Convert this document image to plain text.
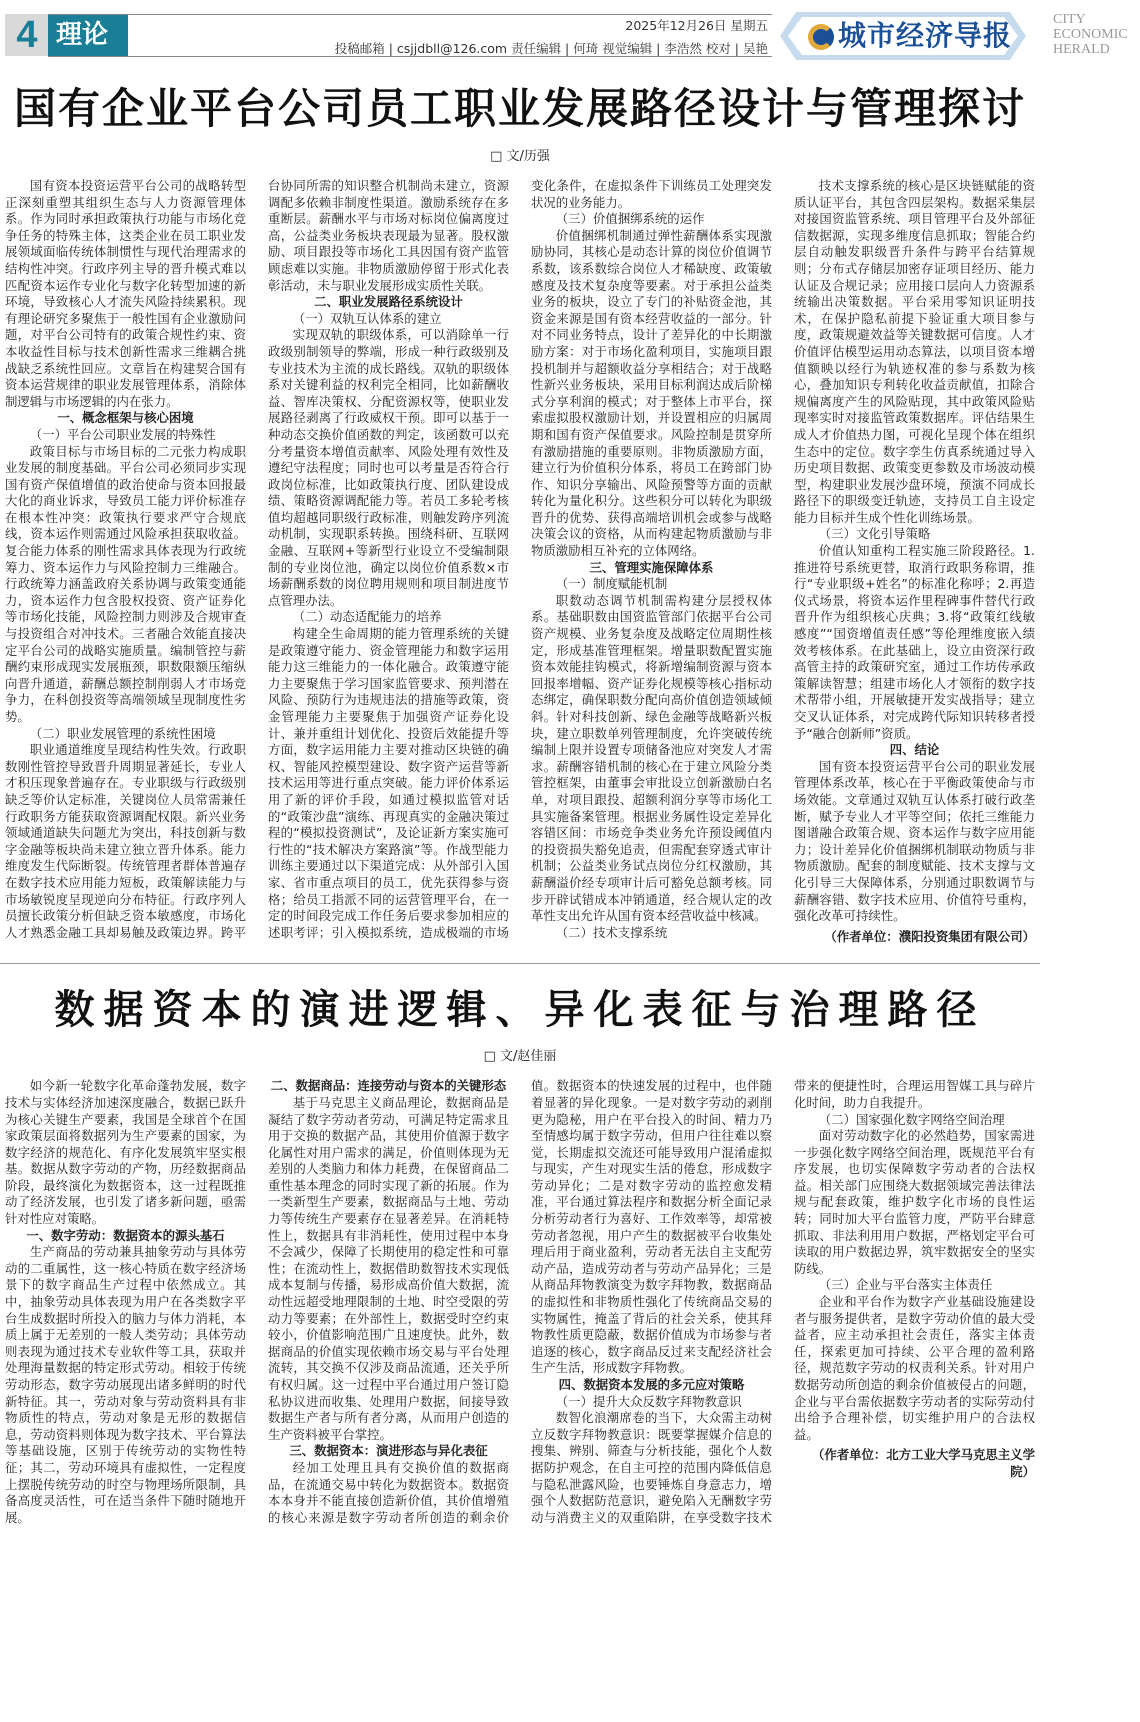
4 理论	2025年12月26日 星期五
投稿邮箱 | csjjdbll@126.com 责任编辑 | 何琦 视觉编辑 | 李浩然 校对 | 吴艳	城市经济导报	CITY
ECONOMIC
HERALD
国有企业平台公司员工职业发展路径设计与管理探讨
□ 文/历强

国有资本投资运营平台公司的战略转型正深刻重塑其组织生态与人力资源管理体系。作为同时承担政策执行功能与市场化竞争任务的特殊主体，这类企业在员工职业发展领域面临传统体制惯性与现代治理需求的结构性冲突。行政序列主导的晋升模式难以匹配资本运作专业化与数字化转型加速的新环境，导致核心人才流失风险持续累积。现有理论研究多聚焦于一般性国有企业激励问题，对平台公司特有的政策合规性约束、资本收益性目标与技术创新性需求三维耦合挑战缺乏系统性回应。文章旨在构建契合国有资本运营规律的职业发展管理体系，消除体制逻辑与市场逻辑的内在张力。

一、概念框架与核心困境

（一）平台公司职业发展的特殊性

政策目标与市场目标的二元张力构成职业发展的制度基础。平台公司必须同步实现国有资产保值增值的政治使命与资本回报最大化的商业诉求，导致员工能力评价标准存在根本性冲突：政策执行要求严守合规底线，资本运作则需通过风险承担获取收益。复合能力体系的刚性需求具体表现为行政统筹力、资本运作力与风险控制力三维融合。行政统筹力涵盖政府关系协调与政策变通能力，资本运作力包含股权投资、资产证券化等市场化技能，风险控制力则涉及合规审查与投资组合对冲技术。三者融合效能直接决定平台公司的战略实施质量。编制管控与薪酬约束形成现实发展瓶颈，职数限额压缩纵向晋升通道，薪酬总额控制削弱人才市场竞争力，在科创投资等高端领域呈现制度性劣势。

（二）职业发展管理的系统性困境

职业通道维度呈现结构性失效。行政职数刚性管控导致晋升周期显著延长，专业人才积压现象普遍存在。专业职级与行政级别缺乏等价认定标准，关键岗位人员常需兼任行政职务方能获取资源调配权限。新兴业务领域通道缺失问题尤为突出，科技创新与数字金融等板块尚未建立独立晋升体系。能力维度发生代际断裂。传统管理者群体普遍存在数字技术应用能力短板，政策解读能力与市场敏锐度呈现逆向分布特征。行政序列人员擅长政策分析但缺乏资本敏感度，市场化人才熟悉金融工具却易触及政策边界。跨平台协同所需的知识整合机制尚未建立，资源调配多依赖非制度性渠道。激励系统存在多重断层。薪酬水平与市场对标岗位偏离度过高，公益类业务板块表现最为显著。股权激励、项目跟投等市场化工具因国有资产监管顾虑难以实施。非物质激励停留于形式化表彰活动，未与职业发展形成实质性关联。

二、职业发展路径系统设计

（一）双轨互认体系的建立

实现双轨的职级体系，可以消除单一行政级别制领导的弊端，形成一种行政级别及专业技术为主流的成长路线。双轨的职级体系对关键利益的权利完全相同，比如薪酬收益、智库决策权、分配资源权等，使职业发展路径剥离了行政威权干预。即可以基于一种动态交换价值函数的判定，该函数可以充分考量资本增值贡献率、风险处理有效性及遵纪守法程度；同时也可以考量是否符合行政岗位标准，比如政策执行度、团队建设成绩、策略资源调配能力等。若员工多轮考核值均超越同职级行政标准，则触发跨序列流动机制，实现职系转换。围绕科研、互联网金融、互联网+等新型行业设立不受编制限制的专业岗位池，确定以岗位价值系数×市场薪酬系数的岗位聘用规则和项目制进度节点管理办法。

（二）动态适配能力的培养

构建全生命周期的能力管理系统的关键是政策遵守能力、资金管理能力和数字运用能力这三维能力的一体化融合。政策遵守能力主要聚焦于学习国家监管要求、预判潜在风险、预防行为违规违法的措施等政策，资金管理能力主要聚焦于加强资产证券化设计、兼并重组计划优化、投资后效能提升等方面，数字运用能力主要对推动区块链的确权、智能风控模型建设、数字资产运营等新技术运用等进行重点突破。能力评价体系运用了新的评价手段，如通过模拟监管对话的“政策沙盘”演练、再现真实的金融决策过程的“模拟投资测试”，及论证新方案实施可行性的“技术解决方案路演”等。作战型能力训练主要通过以下渠道完成：从外部引入国家、省市重点项目的员工，优先获得参与资格；给员工指派不同的运营管理平台，在一定的时间段完成工作任务后要求参加相应的述职考评；引入模拟系统，造成极端的市场变化条件，在虚拟条件下训练员工处理突发状况的业务能力。

（三）价值捆绑系统的运作

价值捆绑机制通过弹性薪酬体系实现激励协同，其核心是动态计算的岗位价值调节系数，该系数综合岗位人才稀缺度、政策敏感度及技术复杂度等要素。对于承担公益类业务的板块，设立了专门的补贴资金池，其资金来源是国有资本经营收益的一部分。针对不同业务特点，设计了差异化的中长期激励方案：对于市场化盈利项目，实施项目跟投机制并与超额收益分享相结合；对于战略性新兴业务板块，采用目标利润达成后阶梯式分享利润的模式；对于整体上市平台，探索虚拟股权激励计划，并设置相应的归属周期和国有资产保值要求。风险控制是贯穿所有激励措施的重要原则。非物质激励方面，建立行为价值积分体系，将员工在跨部门协作、知识分享输出、风险预警等方面的贡献转化为量化积分。这些积分可以转化为职级晋升的优势、获得高端培训机会或参与战略决策会议的资格，从而构建起物质激励与非物质激励相互补充的立体网络。

三、管理实施保障体系

（一）制度赋能机制

职数动态调节机制需构建分层授权体系。基础职数由国资监管部门依据平台公司资产规模、业务复杂度及战略定位周期性核定，形成基准管理框架。增量职数配置实施资本效能挂钩模式，将新增编制资源与资本回报率增幅、资产证券化规模等核心指标动态绑定，确保职数分配向高价值创造领域倾斜。针对科技创新、绿色金融等战略新兴板块，建立职数单列管理制度，允许突破传统编制上限并设置专项储备池应对突发人才需求。薪酬容错机制的核心在于建立风险分类管控框架，由董事会审批设立创新激励白名单，对项目跟投、超额利润分享等市场化工具实施备案管理。根据业务属性设定差异化容错区间：市场竞争类业务允许预设阈值内的投资损失豁免追责，但需配套穿透式审计机制；公益类业务试点岗位分红权激励，其薪酬溢价经专项审计后可豁免总额考核。同步开辟试错成本冲销通道，经合规认定的改革性支出允许从国有资本经营收益中核减。

（二）技术支撑系统

技术支撑系统的核心是区块链赋能的资质认证平台，其包含四层架构。数据采集层对接国资监管系统、项目管理平台及外部征信数据源，实现多维度信息抓取；智能合约层自动触发职级晋升条件与跨平台结算规则；分布式存储层加密存证项目经历、能力认证及合规记录；应用接口层向人力资源系统输出决策数据。平台采用零知识证明技术，在保护隐私前提下验证重大项目参与度，政策规避效益等关键数据可信度。人才价值评估模型运用动态算法，以项目资本增值额映以经行为轨迹权准的参与系数为核心，叠加知识专利转化收益贡献值，扣除合规偏离度产生的风险贴现，其中政策风险贴现率实时对接监管政策数据库。评估结果生成人才价值热力图，可视化呈现个体在组织生态中的定位。数字孪生仿真系统通过导入历史项目数据、政策变更参数及市场波动模型，构建职业发展沙盘环境，预演不同成长路径下的职级变迁轨迹，支持员工自主设定能力目标并生成个性化训练场景。

（三）文化引导策略

价值认知重构工程实施三阶段路径。1.推进符号系统更替，取消行政职务称谓，推行“专业职级+姓名”的标准化称呼；2.再造仪式场景，将资本运作里程碑事件替代行政晋升作为组织核心庆典；3.将“政策红线敏感度”“国资增值责任感”等伦理维度嵌入绩效考核体系。在此基础上，设立由资深行政高管主持的政策研究室，通过工作坊传承政策解读智慧；组建市场化人才领衔的数字技术帮带小组，开展敏捷开发实战指导；建立交叉认证体系，对完成跨代际知识转移者授予“融合创新师”资质。

四、结论

国有资本投资运营平台公司的职业发展管理体系改革，核心在于平衡政策使命与市场效能。文章通过双轨互认体系打破行政垄断，赋予专业人才平等空间；依托三维能力图谱融合政策合规、资本运作与数字应用能力；设计差异化价值捆绑机制联动物质与非物质激励。配套的制度赋能、技术支撑与文化引导三大保障体系，分别通过职数调节与薪酬容错、数字技术应用、价值符号重构，强化改革可持续性。

（作者单位：濮阳投资集团有限公司）

数据资本的演进逻辑、异化表征与治理路径
□ 文/赵佳丽

如今新一轮数字化革命蓬勃发展，数字技术与实体经济加速深度融合，数据已跃升为核心关键生产要素，我国是全球首个在国家政策层面将数据列为生产要素的国家，为数字经济的规范化、有序化发展筑牢坚实根基。数据从数字劳动的产物，历经数据商品阶段，最终演化为数据资本，这一过程既推动了经济发展，也引发了诸多新问题，亟需针对性应对策略。

一、数字劳动：数据资本的源头基石

生产商品的劳动兼具抽象劳动与具体劳动的二重属性，这一核心特质在数字经济场景下的数字商品生产过程中依然成立。其中，抽象劳动具体表现为用户在各类数字平台生成数据时所投入的脑力与体力消耗，本质上属于无差别的一般人类劳动；具体劳动则表现为通过技术专业软件等工具，获取并处理海量数据的特定形式劳动。相较于传统劳动形态，数字劳动展现出诸多鲜明的时代新特征。其一，劳动对象与劳动资料具有非物质性的特点，劳动对象是无形的数据信息，劳动资料则体现为数字技术、平台算法等基础设施，区别于传统劳动的实物性特征；其二，劳动环境具有虚拟性，一定程度上摆脱传统劳动的时空与物理场所限制，具备高度灵活性，可在适当条件下随时随地开展。

二、数据商品：连接劳动与资本的关键形态

基于马克思主义商品理论，数据商品是凝结了数字劳动者劳动，可满足特定需求且用于交换的数据产品，其使用价值源于数字化属性对用户需求的满足，价值则体现为无差别的人类脑力和体力耗费，在保留商品二重性基本理念的同时实现了新的拓展。作为一类新型生产要素，数据商品与土地、劳动力等传统生产要素存在显著差异。在消耗特性上，数据具有非消耗性，使用过程中本身不会减少，保障了长期使用的稳定性和可靠性；在流动性上，数据借助数智技术实现低成本复制与传播，易形成高价值大数据，流动性远超受地理限制的土地、时空受限的劳动力等要素；在外部性上，数据受时空约束较小，价值影响范围广且速度快。此外，数据商品的价值实现依赖市场交易与平台处理流转，其交换不仅涉及商品流通，还关乎所有权归属。这一过程中平台通过用户签订隐私协议进而收集、处理用户数据，间接导致数据生产者与所有者分离，从而用户创造的生产资料被平台掌控。

三、数据资本：演进形态与异化表征

经加工处理且具有交换价值的数据商品，在流通交易中转化为数据资本。数据资本本身并不能直接创造新价值，其价值增殖的核心来源是数字劳动者所创造的剩余价值。数据资本的快速发展的过程中，也伴随着显著的异化现象。一是对数字劳动的剥削更为隐秘，用户在平台投入的时间、精力乃至情感均属于数字劳动，但用户往往难以察觉，长期虚拟交流还可能导致用户混淆虚拟与现实，产生对现实生活的倦怠，形成数字劳动异化；二是对数字劳动的监控愈发精准，平台通过算法程序和数据分析全面记录分析劳动者行为喜好、工作效率等，却常被劳动者忽视，用户产生的数据被平台收集处理后用于商业盈利，劳动者无法自主支配劳动产品，造成劳动者与劳动产品异化；三是从商品拜物教演变为数字拜物教，数据商品的虚拟性和非物质性强化了传统商品交易的实物属性，掩盖了背后的社会关系，使其拜物教性质更隐蔽，数据价值成为市场参与者追逐的核心，数字商品反过来支配经济社会生产生活，形成数字拜物教。

四、数据资本发展的多元应对策略

（一）提升大众反数字拜物教意识

数智化浪潮席卷的当下，大众需主动树立反数字拜物教意识：既要掌握媒介信息的搜集、辨别、筛查与分析技能，强化个人数据防护观念，在自主可控的范围内降低信息与隐私泄露风险，也要锤炼自身意志力，增强个人数据防范意识，避免陷入无酬数字劳动与消费主义的双重陷阱，在享受数字技术带来的便捷性时，合理运用智媒工具与碎片化时间，助力自我提升。

（二）国家强化数字网络空间治理

面对劳动数字化的必然趋势，国家需进一步强化数字网络空间治理，既规范平台有序发展，也切实保障数字劳动者的合法权益。相关部门应围绕大数据领域完善法律法规与配套政策，维护数字化市场的良性运转；同时加大平台监管力度，严防平台肆意抓取、非法利用用户数据，严格划定平台可读取的用户数据边界，筑牢数据安全的坚实防线。

（三）企业与平台落实主体责任

企业和平台作为数字产业基础设施建设者与服务提供者，是数字劳动价值的最大受益者，应主动承担社会责任，落实主体责任，探索更加可持续、公平合理的盈利路径，规范数字劳动的权责利关系。针对用户数据劳动所创造的剩余价值被侵占的问题，企业与平台需依据数字劳动者的实际劳动付出给予合理补偿，切实维护用户的合法权益。

（作者单位：北方工业大学马克思主义学院）
